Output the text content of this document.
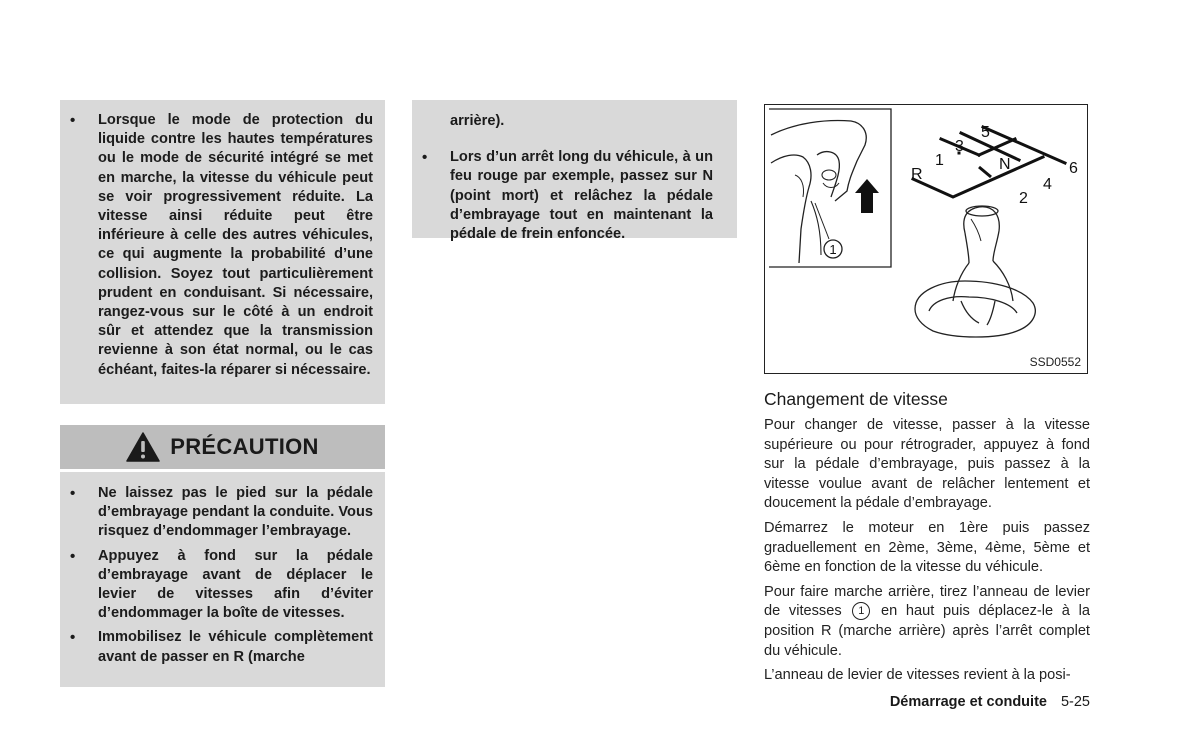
• Lorsque le mode de protection du liquide contre les hautes températures ou le mode de sécurité intégré se met en marche, la vitesse du véhicule peut se voir progressivement réduite. La vitesse ainsi réduite peut être inférieure à celle des autres véhicules, ce qui augmente la probabilité d’une collision. Soyez tout particulièrement prudent en conduisant. Si nécessaire, rangez-vous sur le côté à un endroit sûr et attendez que la transmission revienne à son état normal, ou le cas échéant, faites-la réparer si nécessaire.
PRÉCAUTION
• Ne laissez pas le pied sur la pédale d’embrayage pendant la conduite. Vous risquez d’endommager l’embrayage.
• Appuyez à fond sur la pédale d’embrayage avant de déplacer le levier de vitesses afin d’éviter d’endommager la boîte de vitesses.
• Immobilisez le véhicule complètement avant de passer en R (marche
arrière).
• Lors d’un arrêt long du véhicule, à un feu rouge par exemple, passez sur N (point mort) et relâchez la pédale d’embrayage tout en maintenant la pédale de frein enfoncée.
1
R
1
3
5
N	6
4
2
SSD0552
Changement de vitesse

Pour changer de vitesse, passer à la vitesse supérieure ou pour rétrograder, appuyez à fond sur la pédale d’embrayage, puis passez à la vitesse voulue avant de relâcher lentement et doucement la pédale d’embrayage.

Démarrez le moteur en 1ère puis passez graduellement en 2ème, 3ème, 4ème, 5ème et 6ème en fonction de la vitesse du véhicule.

Pour faire marche arrière, tirez l’anneau de levier de vitesses 1 en haut puis déplacez-le à la position R (marche arrière) après l’arrêt complet du véhicule.

L’anneau de levier de vitesses revient à la posi-

Démarrage et conduite 5-25
